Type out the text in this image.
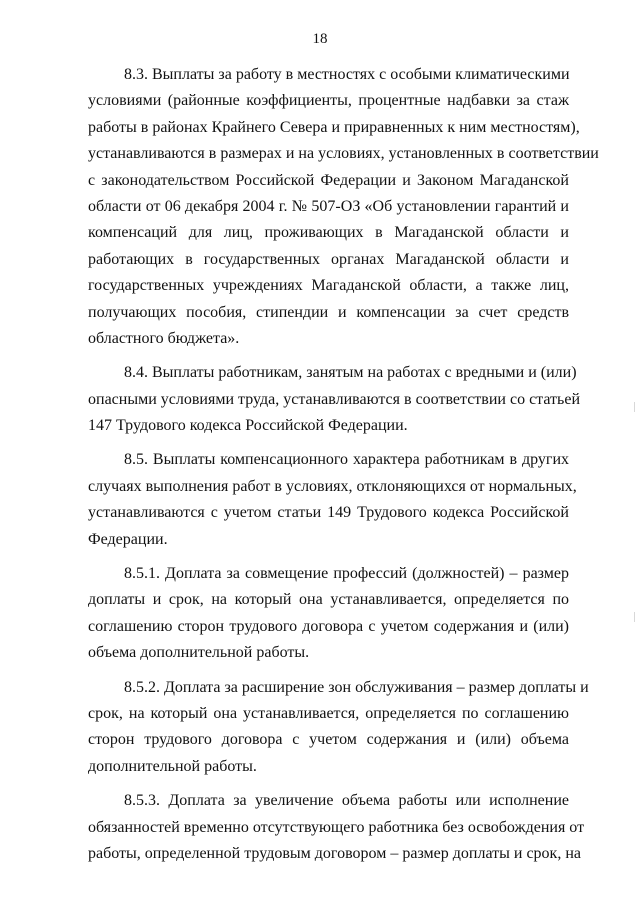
18
8.3. Выплаты за работу в местностях с особыми климатическими
условиями (районные коэффициенты, процентные надбавки за стаж
работы в районах Крайнего Севера и приравненных к ним местностям),
устанавливаются в размерах и на условиях, установленных в соответствии
с законодательством Российской Федерации и Законом Магаданской
области от 06 декабря 2004 г. № 507-ОЗ «Об установлении гарантий и
компенсаций для лиц, проживающих в Магаданской области и
работающих в государственных органах Магаданской области и
государственных учреждениях Магаданской области, а также лиц,
получающих пособия, стипендии и компенсации за счет средств
областного бюджета».
8.4. Выплаты работникам, занятым на работах с вредными и (или)
опасными условиями труда, устанавливаются в соответствии со статьей
147 Трудового кодекса Российской Федерации.
8.5. Выплаты компенсационного характера работникам в других
случаях выполнения работ в условиях, отклоняющихся от нормальных,
устанавливаются с учетом статьи 149 Трудового кодекса Российской
Федерации.
8.5.1. Доплата за совмещение профессий (должностей) – размер
доплаты и срок, на который она устанавливается, определяется по
соглашению сторон трудового договора с учетом содержания и (или)
объема дополнительной работы.
8.5.2. Доплата за расширение зон обслуживания – размер доплаты и
срок, на который она устанавливается, определяется по соглашению
сторон трудового договора с учетом содержания и (или) объема
дополнительной работы.
8.5.3. Доплата за увеличение объема работы или исполнение
обязанностей временно отсутствующего работника без освобождения от
работы, определенной трудовым договором – размер доплаты и срок, на
